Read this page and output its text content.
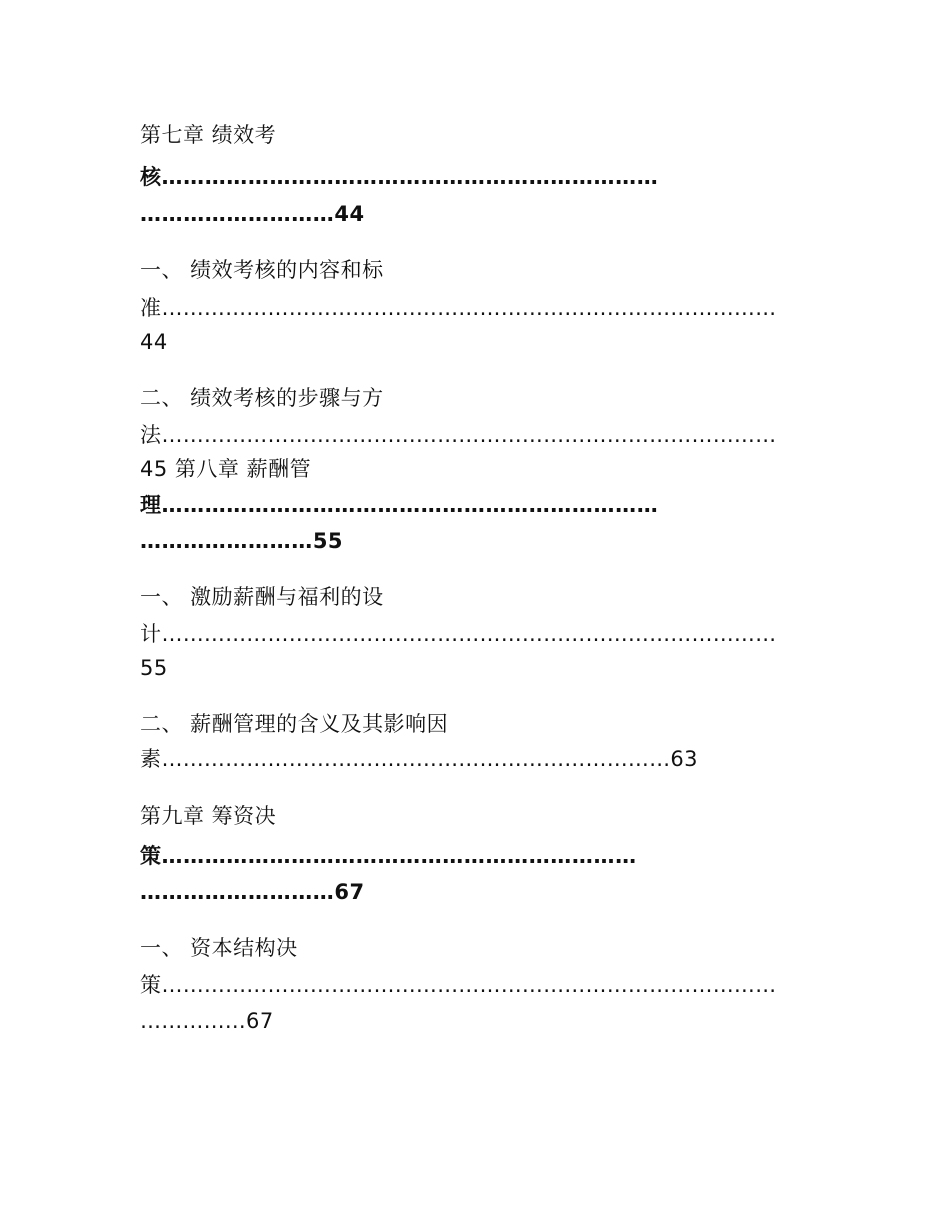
第七章 绩效考

核……………………………………………………………

………………………44

一、 绩效考核的内容和标

准……………………………………………………………………………

44

二、 绩效考核的步骤与方

法……………………………………………………………………………

45 第八章 薪酬管

理……………………………………………………………

……………………55

一、 激励薪酬与福利的设

计……………………………………………………………………………

55

二、 薪酬管理的含义及其影响因

素………………………………………………………………63

第九章 筹资决

策…………………………………………………………

………………………67

一、 资本结构决

策……………………………………………………………………………

……………67
